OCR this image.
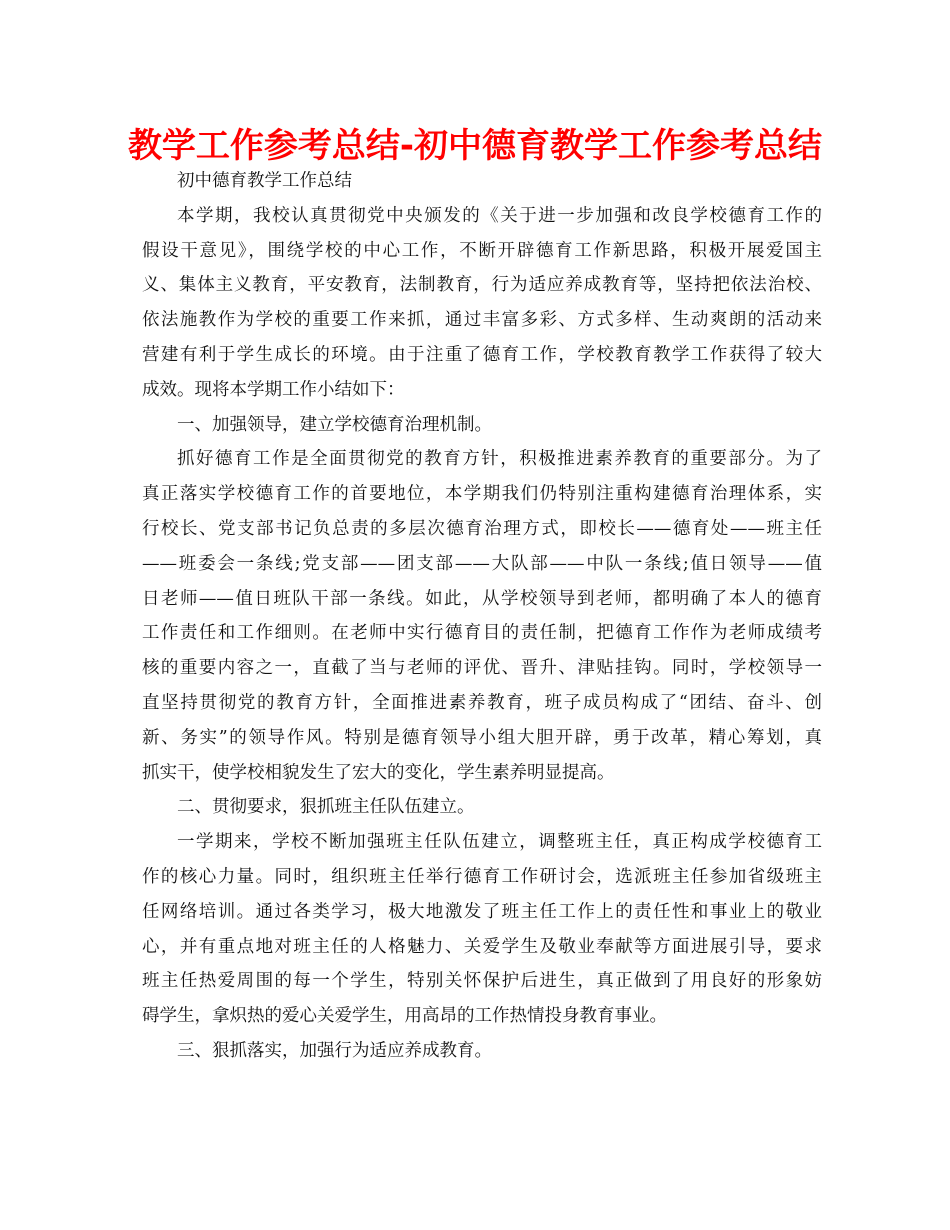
教学工作参考总结-初中德育教学工作参考总结

初中德育教学工作总结

本学期，我校认真贯彻党中央颁发的《关于进一步加强和改良学校德育工作的

假设干意见》，围绕学校的中心工作，不断开辟德育工作新思路，积极开展爱国主

义、集体主义教育，平安教育，法制教育，行为适应养成教育等，坚持把依法治校、

依法施教作为学校的重要工作来抓，通过丰富多彩、方式多样、生动爽朗的活动来

营建有利于学生成长的环境。由于注重了德育工作，学校教育教学工作获得了较大

成效。现将本学期工作小结如下：

一、加强领导，建立学校德育治理机制。

抓好德育工作是全面贯彻党的教育方针，积极推进素养教育的重要部分。为了

真正落实学校德育工作的首要地位，本学期我们仍特别注重构建德育治理体系，实

行校长、党支部书记负总责的多层次德育治理方式，即校长——德育处——班主任

——班委会一条线;党支部——团支部——大队部——中队一条线;值日领导——值

日老师——值日班队干部一条线。如此，从学校领导到老师，都明确了本人的德育

工作责任和工作细则。在老师中实行德育目的责任制，把德育工作作为老师成绩考

核的重要内容之一，直截了当与老师的评优、晋升、津贴挂钩。同时，学校领导一

直坚持贯彻党的教育方针，全面推进素养教育，班子成员构成了“团结、奋斗、创

新、务实”的领导作风。特别是德育领导小组大胆开辟，勇于改革，精心筹划，真

抓实干，使学校相貌发生了宏大的变化，学生素养明显提高。

二、贯彻要求，狠抓班主任队伍建立。

一学期来，学校不断加强班主任队伍建立，调整班主任，真正构成学校德育工

作的核心力量。同时，组织班主任举行德育工作研讨会，选派班主任参加省级班主

任网络培训。通过各类学习，极大地激发了班主任工作上的责任性和事业上的敬业

心，并有重点地对班主任的人格魅力、关爱学生及敬业奉献等方面进展引导，要求

班主任热爱周围的每一个学生，特别关怀保护后进生，真正做到了用良好的形象妨

碍学生，拿炽热的爱心关爱学生，用高昂的工作热情投身教育事业。

三、狠抓落实，加强行为适应养成教育。
